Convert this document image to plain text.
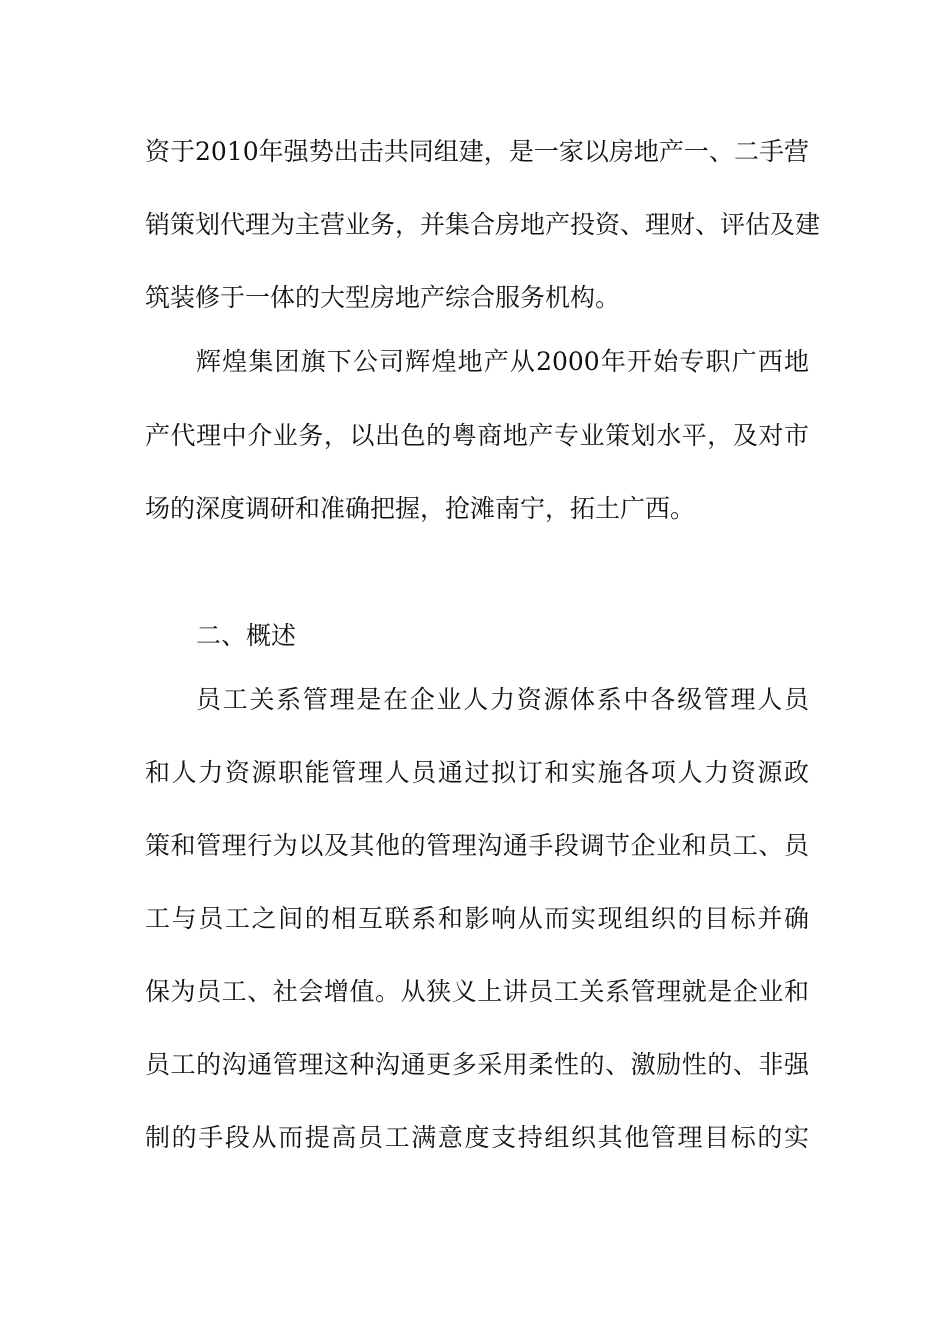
资于2010年强势出击共同组建，是一家以房地产一、二手营
销策划代理为主营业务，并集合房地产投资、理财、评估及建
筑装修于一体的大型房地产综合服务机构。
辉煌集团旗下公司辉煌地产从2000年开始专职广西地
产代理中介业务，以出色的粤商地产专业策划水平，及对市
场的深度调研和准确把握，抢滩南宁，拓土广西。
二、概述
员工关系管理是在企业人力资源体系中各级管理人员
和人力资源职能管理人员通过拟订和实施各项人力资源政
策和管理行为以及其他的管理沟通手段调节企业和员工、员
工与员工之间的相互联系和影响从而实现组织的目标并确
保为员工、社会增值。从狭义上讲员工关系管理就是企业和
员工的沟通管理这种沟通更多采用柔性的、激励性的、非强
制的手段从而提高员工满意度支持组织其他管理目标的实
